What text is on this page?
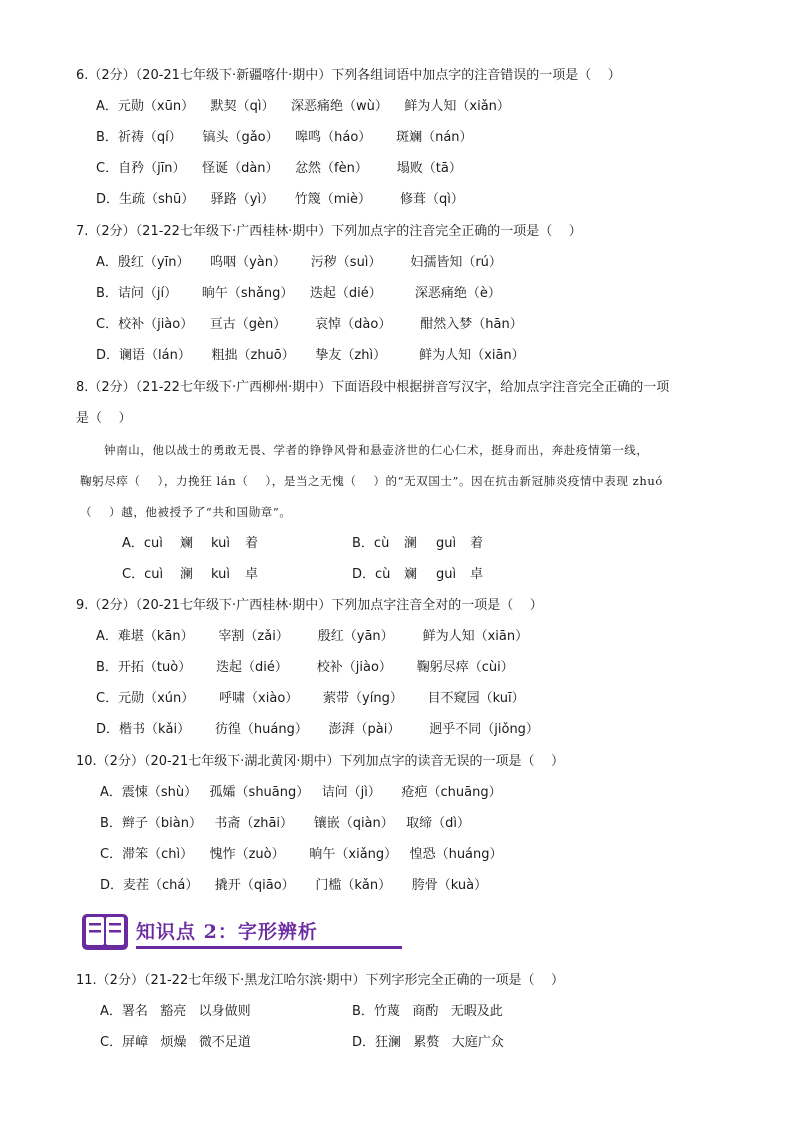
6.（2分）（20-21七年级下·新疆喀什·期中）下列各组词语中加点字的注音错误的一项是（    ）
A．元勋（xūn）    默契（qì）    深恶痛绝（wù）    鲜为人知（xiǎn）
B．祈祷（qí）     镐头（gǎo）    嗥鸣（háo）      斑斓（nán）
C．自矜（jīn）    怪诞（dàn）    忿然（fèn）       塌败（tā）
D．生疏（shū）    驿路（yì）     竹篾（miè）       修葺（qì）
7.（2分）（21-22七年级下·广西桂林·期中）下列加点字的注音完全正确的一项是（    ）
A．殷红（yīn）     呜咽（yàn）      污秽（suì）       妇孺皆知（rú）
B．诘问（jí）      晌午（shǎng）    迭起（dié）        深恶痛绝（è）
C．校补（jiào）    亘古（gèn）       哀悼（dào）       酣然入梦（hān）
D．谰语（lán）     粗拙（zhuō）     挚友（zhì）        鲜为人知（xiān）
8.（2分）（21-22七年级下·广西柳州·期中）下面语段中根据拼音写汉字，给加点字注音完全正确的一项
是（    ）
钟南山，他以战士的勇敢无畏、学者的铮铮风骨和悬壶济世的仁心仁术，挺身而出，奔赴疫情第一线，
鞠躬尽瘁（    ），力挽狂 lán（    ），是当之无愧（    ）的“无双国士”。因在抗击新冠肺炎疫情中表现 zhuó
（    ）越，他被授予了“共和国勋章”。
A．cuì 斓 kuì 着	B．cù 澜 guì 着
C．cuì 澜 kuì 卓	D．cù 斓 guì 卓
9.（2分）（20-21七年级下·广西桂林·期中）下列加点字注音全对的一项是（    ）
A．难堪（kān）      宰割（zǎi）       殷红（yān）       鲜为人知（xiān）
B．开拓（tuò）      迭起（dié）       校补（jiào）      鞠躬尽瘁（cùi）
C．元勋（xún）      呼啸（xiào）      萦带（yíng）      目不窥园（kuī）
D．楷书（kǎi）      彷徨（huáng）     澎湃（pài）       迥乎不同（jiǒng）
10.（2分）（20-21七年级下·湖北黄冈·期中）下列加点字的读音无误的一项是（    ）
A．震悚（shù）   孤孀（shuāng）   诘问（jì）     疮疤（chuāng）
B．辫子（biàn）   书斋（zhāi）     镶嵌（qiàn）   取缔（dì）
C．滞笨（chì）    愧怍（zuò）      晌午（xiǎng）   惶恐（huáng）
D．麦茬（chá）    撬开（qiāo）     门槛（kǎn）     胯骨（kuà）
知识点 2：字形辨析
11.（2分）（21-22七年级下·黑龙江哈尔滨·期中）下列字形完全正确的一项是（    ）
A．署名   豁亮   以身做则	B．竹蔑   商酌   无暇及此
C．屏嶂   烦燥   微不足道	D．狂澜   累赘   大庭广众
